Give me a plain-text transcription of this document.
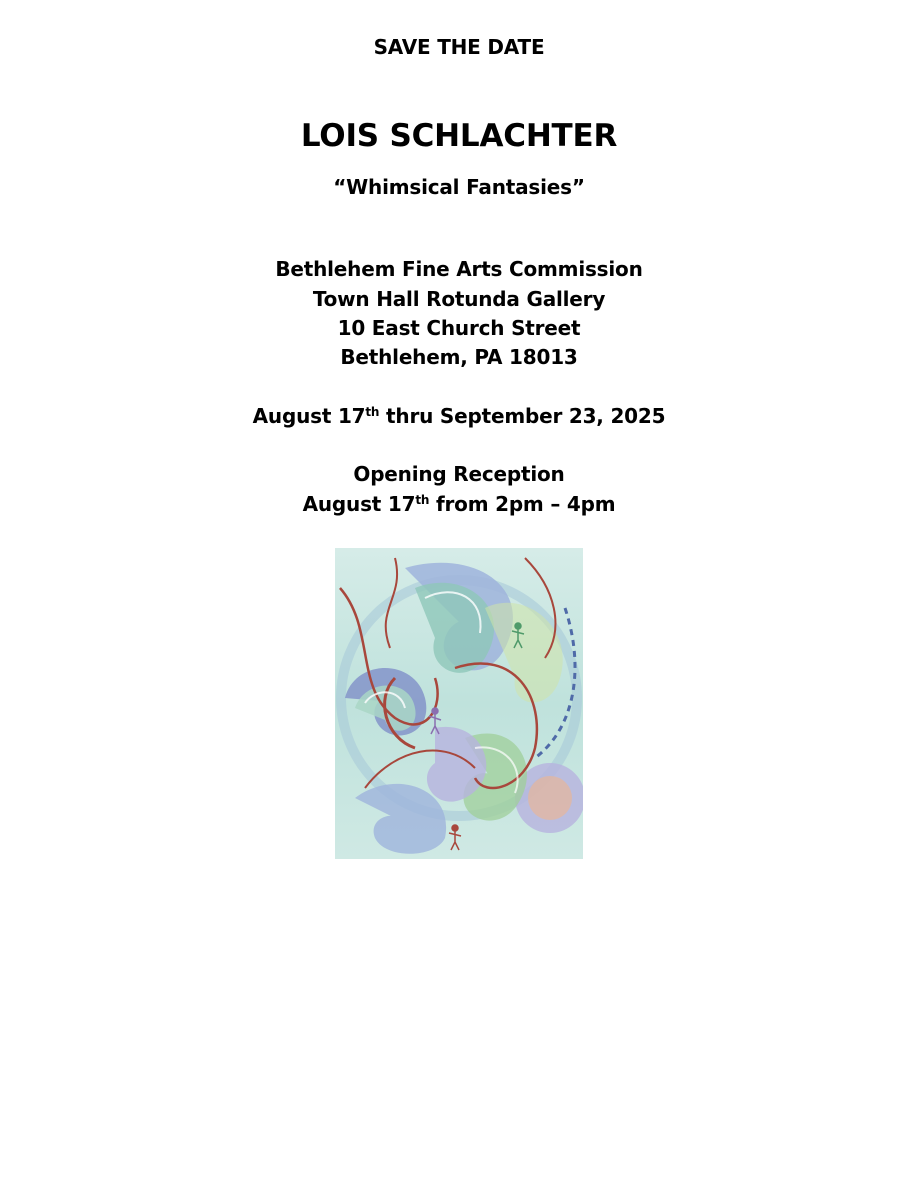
SAVE THE DATE
LOIS SCHLACHTER
“Whimsical Fantasies”
Bethlehem Fine Arts Commission
Town Hall Rotunda Gallery
10 East Church Street
Bethlehem, PA 18013
August 17th thru September 23, 2025
Opening Reception
August 17th from 2pm – 4pm
